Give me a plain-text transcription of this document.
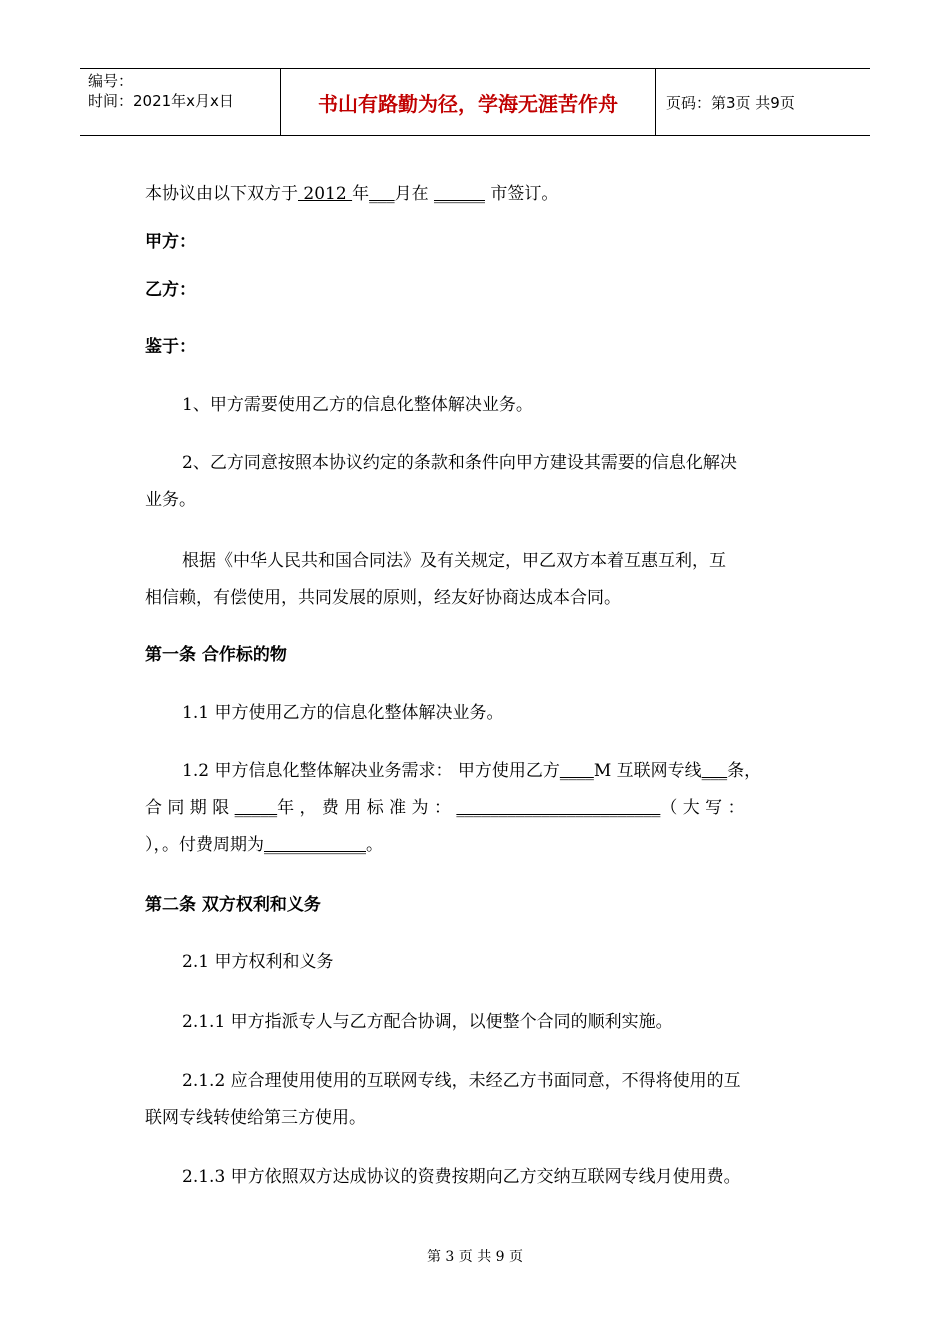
编号：
时间：2021年x月x日	书山有路勤为径，学海无涯苦作舟	页码：第3页 共9页

本协议由以下双方于 2012 年___月在 ______ 市签订。

甲方：

乙方：

鉴于：

1、甲方需要使用乙方的信息化整体解决业务。

2、乙方同意按照本协议约定的条款和条件向甲方建设其需要的信息化解决

业务。

根据《中华人民共和国合同法》及有关规定，甲乙双方本着互惠互利，互

相信赖，有偿使用，共同发展的原则，经友好协商达成本合同。

第一条 合作标的物

1.1 甲方使用乙方的信息化整体解决业务。

1.2 甲方信息化整体解决业务需求： 甲方使用乙方____M 互联网专线___条，

合 同 期 限 _____年 ， 费 用 标 准 为 ： ________________________（ 大 写 ：

），。付费周期为____________。

第二条 双方权利和义务

2.1 甲方权利和义务

2.1.1 甲方指派专人与乙方配合协调，以便整个合同的顺利实施。

2.1.2 应合理使用使用的互联网专线，未经乙方书面同意，不得将使用的互

联网专线转使给第三方使用。

2.1.3 甲方依照双方达成协议的资费按期向乙方交纳互联网专线月使用费。

第 3 页 共 9 页
